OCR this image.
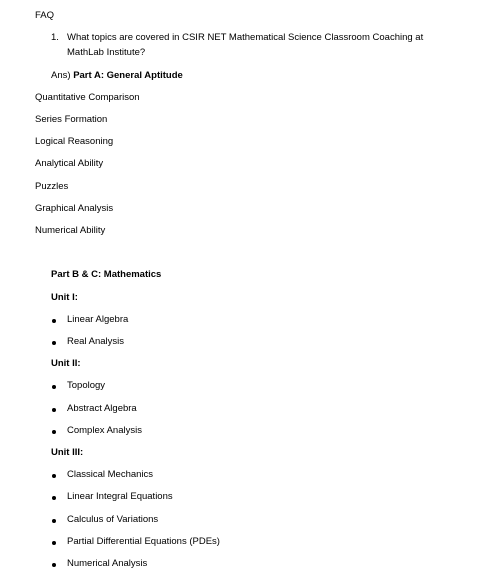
FAQ
1. What topics are covered in CSIR NET Mathematical Science Classroom Coaching at
MathLab Institute?
Ans) Part A: General Aptitude
Quantitative Comparison
Series Formation
Logical Reasoning
Analytical Ability
Puzzles
Graphical Analysis
Numerical Ability
Part B & C: Mathematics
Unit I:
Linear Algebra
Real Analysis
Unit II:
Topology
Abstract Algebra
Complex Analysis
Unit III:
Classical Mechanics
Linear Integral Equations
Calculus of Variations
Partial Differential Equations (PDEs)
Numerical Analysis
